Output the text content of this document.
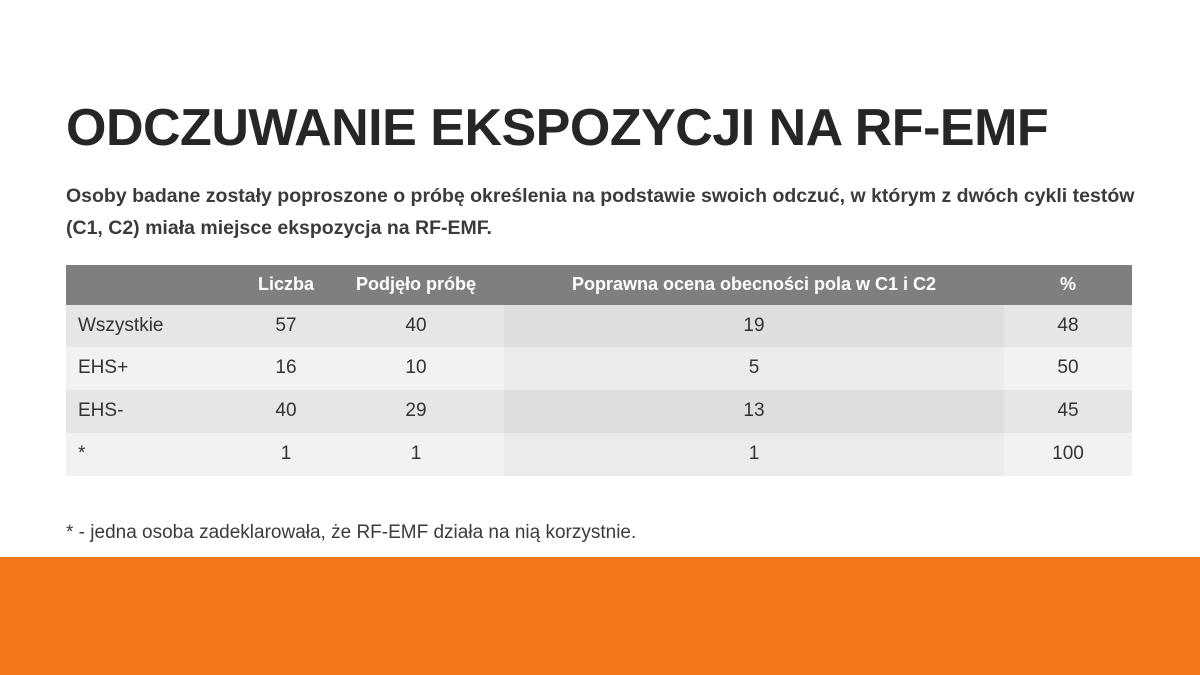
ODCZUWANIE EKSPOZYCJI NA RF-EMF

Osoby badane zostały poproszone o próbę określenia na podstawie swoich odczuć, w którym z dwóch cykli testów (C1, C2) miała miejsce ekspozycja na RF-EMF.

	Liczba	Podjęło próbę	Poprawna ocena obecności pola w C1 i C2	%
Wszystkie	57	40	19	48
EHS+	16	10	5	50
EHS-	40	29	13	45
*	1	1	1	100

* - jedna osoba zadeklarowała, że RF-EMF działa na nią korzystnie.
